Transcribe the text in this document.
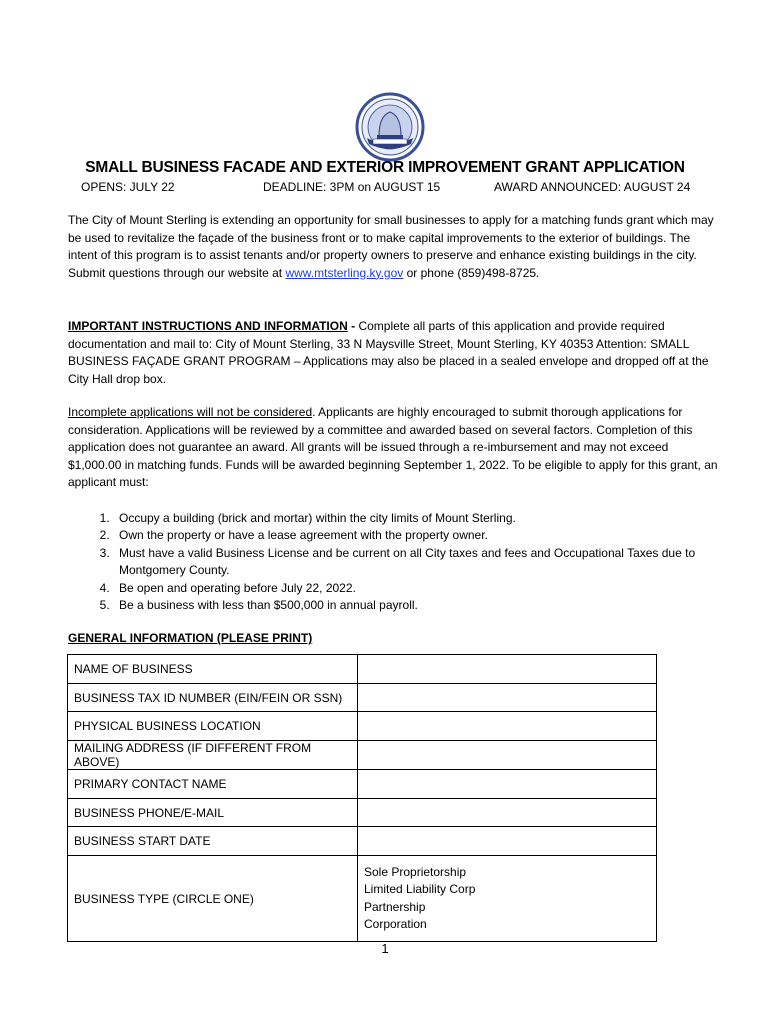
SMALL BUSINESS FACADE AND EXTERIOR IMPROVEMENT GRANT APPLICATION
OPENS: JULY 22	DEADLINE: 3PM on AUGUST 15	AWARD ANNOUNCED: AUGUST 24

The City of Mount Sterling is extending an opportunity for small businesses to apply for a matching funds grant which may be used to revitalize the façade of the business front or to make capital improvements to the exterior of buildings. The intent of this program is to assist tenants and/or property owners to preserve and enhance existing buildings in the city. Submit questions through our website at www.mtsterling.ky.gov or phone (859)498-8725.

IMPORTANT INSTRUCTIONS AND INFORMATION - Complete all parts of this application and provide required documentation and mail to: City of Mount Sterling, 33 N Maysville Street, Mount Sterling, KY 40353 Attention: SMALL BUSINESS FAÇADE GRANT PROGRAM – Applications may also be placed in a sealed envelope and dropped off at the City Hall drop box.

Incomplete applications will not be considered. Applicants are highly encouraged to submit thorough applications for consideration. Applications will be reviewed by a committee and awarded based on several factors. Completion of this application does not guarantee an award. All grants will be issued through a re-imbursement and may not exceed $1,000.00 in matching funds. Funds will be awarded beginning September 1, 2022. To be eligible to apply for this grant, an applicant must:

1. Occupy a building (brick and mortar) within the city limits of Mount Sterling.
2. Own the property or have a lease agreement with the property owner.
3. Must have a valid Business License and be current on all City taxes and fees and Occupational Taxes due to Montgomery County.
4. Be open and operating before July 22, 2022.
5. Be a business with less than $500,000 in annual payroll.
GENERAL INFORMATION (PLEASE PRINT)
NAME OF BUSINESS	
BUSINESS TAX ID NUMBER (EIN/FEIN OR SSN)	
PHYSICAL BUSINESS LOCATION	
MAILING ADDRESS (IF DIFFERENT FROM ABOVE)	
PRIMARY CONTACT NAME	
BUSINESS PHONE/E-MAIL	
BUSINESS START DATE	
BUSINESS TYPE (CIRCLE ONE)	Sole Proprietorship
Limited Liability Corp
Partnership
Corporation
1
